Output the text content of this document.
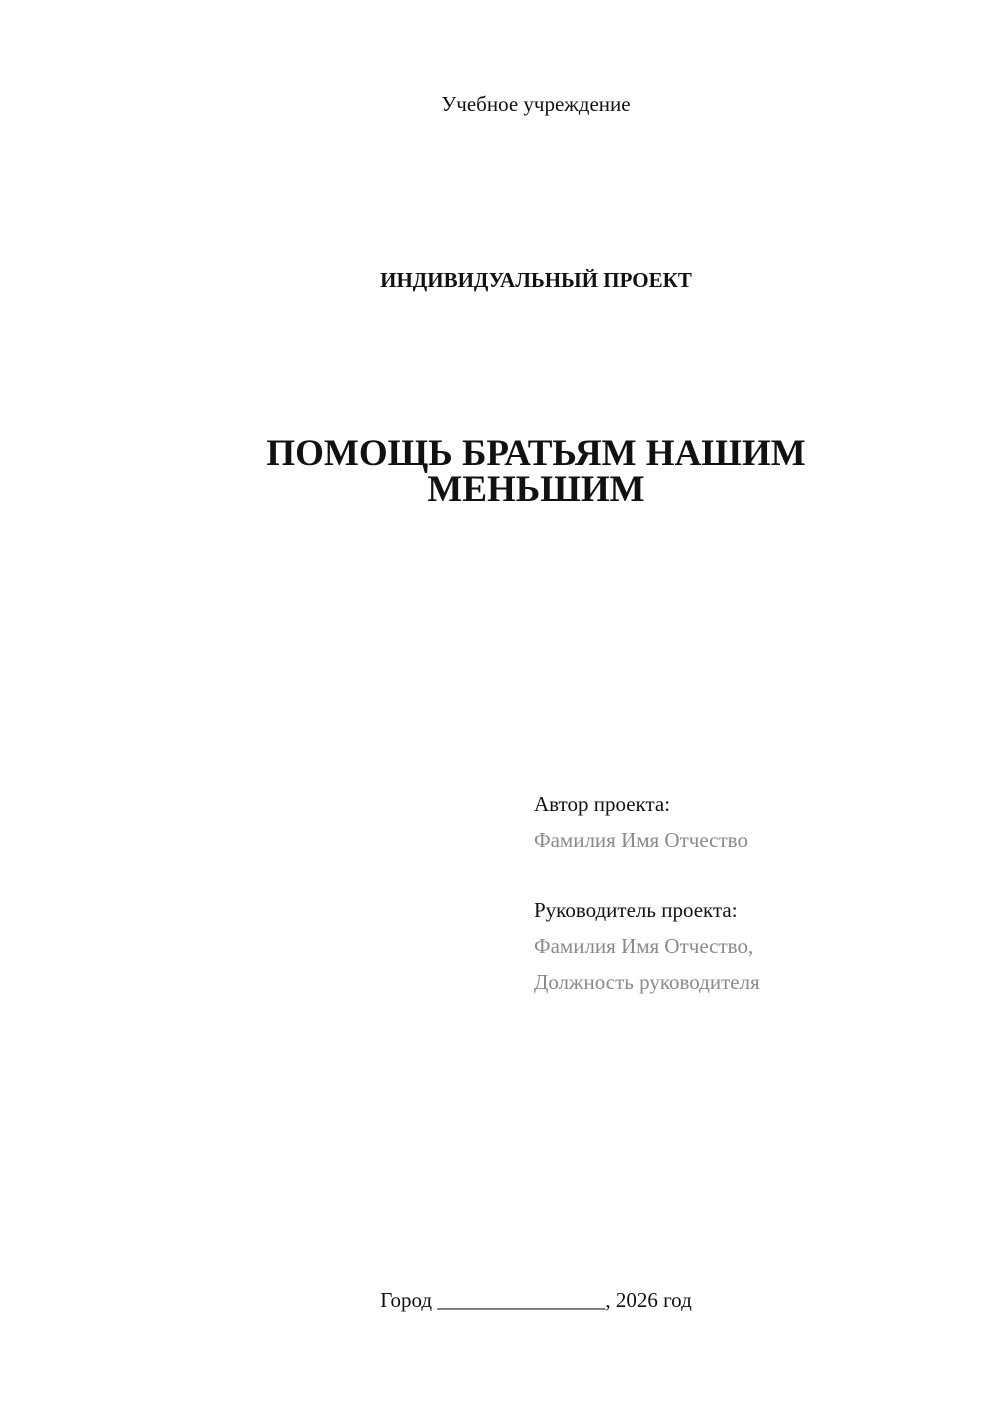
Учебное учреждение
ИНДИВИДУАЛЬНЫЙ ПРОЕКТ
ПОМОЩЬ БРАТЬЯМ НАШИМ
МЕНЬШИМ
Автор проекта:
Фамилия Имя Отчество
Руководитель проекта:
Фамилия Имя Отчество,
Должность руководителя
Город ________________, 2026 год
